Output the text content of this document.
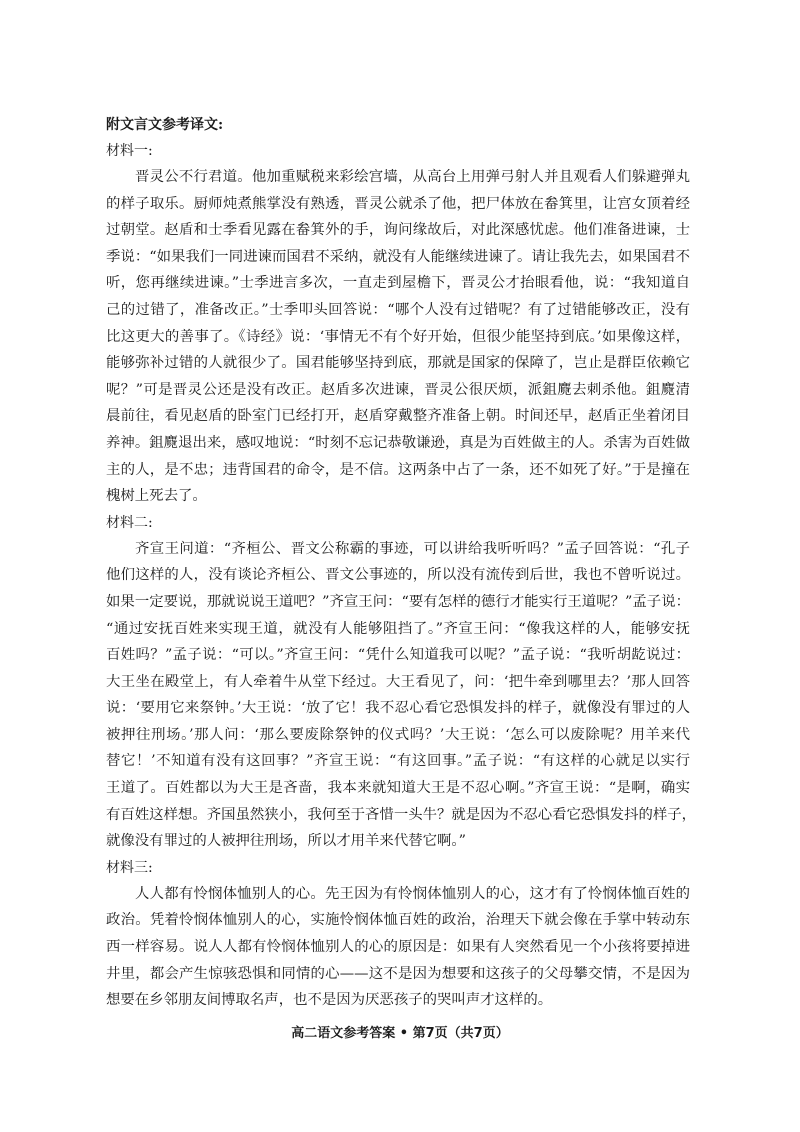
附文言文参考译文:

材料一:

晋灵公不行君道。他加重赋税来彩绘宫墙，从高台上用弹弓射人并且观看人们躲避弹丸
的样子取乐。厨师炖煮熊掌没有熟透，晋灵公就杀了他，把尸体放在畚箕里，让宫女顶着经
过朝堂。赵盾和士季看见露在畚箕外的手，询问缘故后，对此深感忧虑。他们准备进谏，士
季说：“如果我们一同进谏而国君不采纳，就没有人能继续进谏了。请让我先去，如果国君不
听，您再继续进谏。”士季进言多次，一直走到屋檐下，晋灵公才抬眼看他，说：“我知道自
己的过错了，准备改正。”士季叩头回答说：“哪个人没有过错呢？有了过错能够改正，没有
比这更大的善事了。《诗经》说：‘事情无不有个好开始，但很少能坚持到底。’如果像这样，
能够弥补过错的人就很少了。国君能够坚持到底，那就是国家的保障了，岂止是群臣依赖它
呢？”可是晋灵公还是没有改正。赵盾多次进谏，晋灵公很厌烦，派鉏麑去刺杀他。鉏麑清
晨前往，看见赵盾的卧室门已经打开，赵盾穿戴整齐准备上朝。时间还早，赵盾正坐着闭目
养神。鉏麑退出来，感叹地说：“时刻不忘记恭敬谦逊，真是为百姓做主的人。杀害为百姓做
主的人，是不忠；违背国君的命令，是不信。这两条中占了一条，还不如死了好。”于是撞在
槐树上死去了。

材料二:

齐宣王问道：“齐桓公、晋文公称霸的事迹，可以讲给我听听吗？”孟子回答说：“孔子
他们这样的人，没有谈论齐桓公、晋文公事迹的，所以没有流传到后世，我也不曾听说过。
如果一定要说，那就说说王道吧？”齐宣王问：“要有怎样的德行才能实行王道呢？”孟子说：
“通过安抚百姓来实现王道，就没有人能够阻挡了。”齐宣王问：“像我这样的人，能够安抚
百姓吗？”孟子说：“可以。”齐宣王问：“凭什么知道我可以呢？”孟子说：“我听胡龁说过：
大王坐在殿堂上，有人牵着牛从堂下经过。大王看见了，问：‘把牛牵到哪里去？’那人回答
说：‘要用它来祭钟。’大王说：‘放了它！我不忍心看它恐惧发抖的样子，就像没有罪过的人
被押往刑场。’那人问：‘那么要废除祭钟的仪式吗？’大王说：‘怎么可以废除呢？用羊来代
替它！’不知道有没有这回事？”齐宣王说：“有这回事。”孟子说：“有这样的心就足以实行
王道了。百姓都以为大王是吝啬，我本来就知道大王是不忍心啊。”齐宣王说：“是啊，确实
有百姓这样想。齐国虽然狭小，我何至于吝惜一头牛？就是因为不忍心看它恐惧发抖的样子，
就像没有罪过的人被押往刑场，所以才用羊来代替它啊。”

材料三:

人人都有怜悯体恤别人的心。先王因为有怜悯体恤别人的心，这才有了怜悯体恤百姓的
政治。凭着怜悯体恤别人的心，实施怜悯体恤百姓的政治，治理天下就会像在手掌中转动东
西一样容易。说人人都有怜悯体恤别人的心的原因是：如果有人突然看见一个小孩将要掉进
井里，都会产生惊骇恐惧和同情的心——这不是因为想要和这孩子的父母攀交情，不是因为
想要在乡邻朋友间博取名声，也不是因为厌恶孩子的哭叫声才这样的。
高二语文参考答案 • 第7页（共7页）
